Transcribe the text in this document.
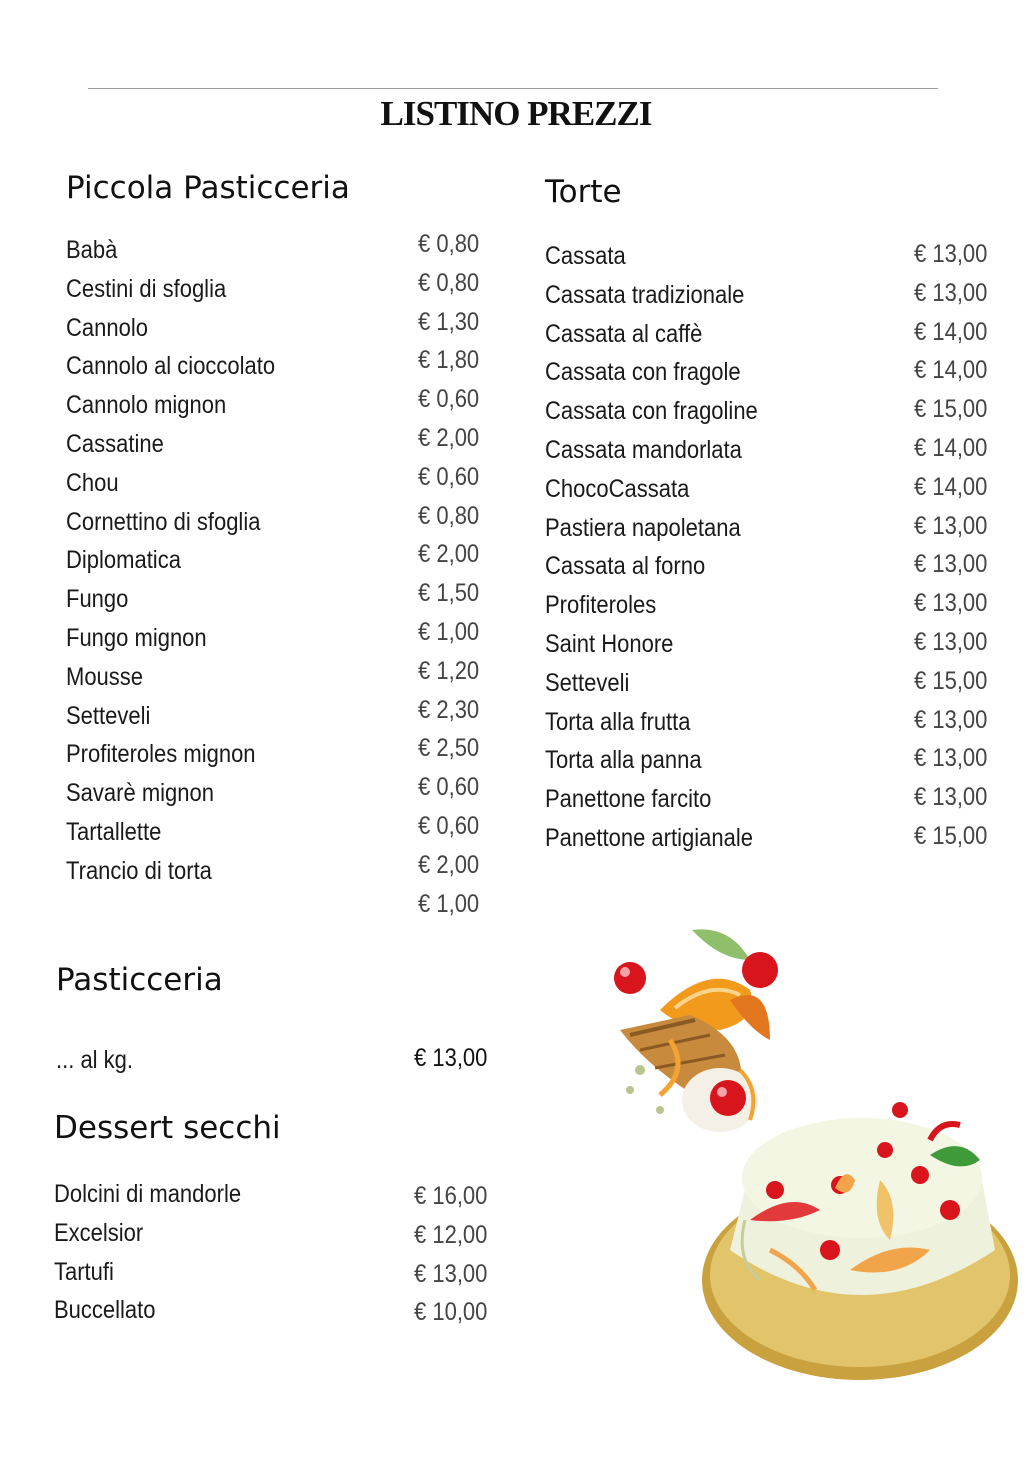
LISTINO PREZZI
Piccola Pasticceria
Babà	€ 0,80
Cestini di sfoglia	€ 0,80
Cannolo	€ 1,30
Cannolo al cioccolato	€ 1,80
Cannolo mignon	€ 0,60
Cassatine	€ 2,00
Chou	€ 0,60
Cornettino di sfoglia	€ 0,80
Diplomatica	€ 2,00
Fungo	€ 1,50
Fungo mignon	€ 1,00
Mousse	€ 1,20
Setteveli	€ 2,30
Profiteroles mignon	€ 2,50
Savarè mignon	€ 0,60
Tartallette	€ 0,60
Trancio di torta	€ 2,00
€ 1,00
Torte
Cassata	€ 13,00
Cassata tradizionale	€ 13,00
Cassata al caffè	€ 14,00
Cassata con fragole	€ 14,00
Cassata con fragoline	€ 15,00
Cassata mandorlata	€ 14,00
ChocoCassata	€ 14,00
Pastiera napoletana	€ 13,00
Cassata al forno	€ 13,00
Profiteroles	€ 13,00
Saint Honore	€ 13,00
Setteveli	€ 15,00
Torta alla frutta	€ 13,00
Torta alla panna	€ 13,00
Panettone farcito	€ 13,00
Panettone artigianale	€ 15,00
Pasticceria
... al kg.	€ 13,00
Dessert secchi
Dolcini di mandorle	€ 16,00
Excelsior	€ 12,00
Tartufi	€ 13,00
Buccellato	€ 10,00
